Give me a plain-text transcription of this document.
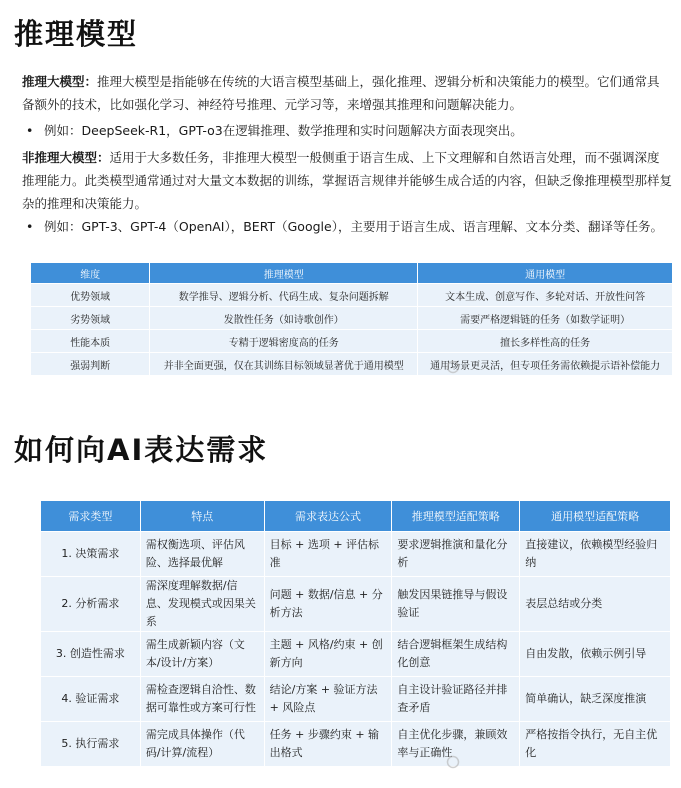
推理模型
推理大模型：推理大模型是指能够在传统的大语言模型基础上，强化推理、逻辑分析和决策能力的模型。它们通常具备额外的技术，比如强化学习、神经符号推理、元学习等，来增强其推理和问题解决能力。
• 例如：DeepSeek-R1，GPT-o3在逻辑推理、数学推理和实时问题解决方面表现突出。
非推理大模型：适用于大多数任务，非推理大模型一般侧重于语言生成、上下文理解和自然语言处理，而不强调深度推理能力。此类模型通常通过对大量文本数据的训练，掌握语言规律并能够生成合适的内容，但缺乏像推理模型那样复杂的推理和决策能力。
• 例如：GPT-3、GPT-4（OpenAI），BERT（Google），主要用于语言生成、语言理解、文本分类、翻译等任务。
维度	推理模型	通用模型
优势领域	数学推导、逻辑分析、代码生成、复杂问题拆解	文本生成、创意写作、多轮对话、开放性问答
劣势领域	发散性任务（如诗歌创作）	需要严格逻辑链的任务（如数学证明）
性能本质	专精于逻辑密度高的任务	擅长多样性高的任务
强弱判断	并非全面更强，仅在其训练目标领域显著优于通用模型	通用场景更灵活，但专项任务需依赖提示语补偿能力
如何向AI表达需求
需求类型	特点	需求表达公式	推理模型适配策略	通用模型适配策略
1. 决策需求	需权衡选项、评估风险、选择最优解	目标 + 选项 + 评估标准	要求逻辑推演和量化分析	直接建议，依赖模型经验归纳
2. 分析需求	需深度理解数据/信息、发现模式或因果关系	问题 + 数据/信息 + 分析方法	触发因果链推导与假设验证	表层总结或分类
3. 创造性需求	需生成新颖内容（文本/设计/方案）	主题 + 风格/约束 + 创新方向	结合逻辑框架生成结构化创意	自由发散，依赖示例引导
4. 验证需求	需检查逻辑自洽性、数据可靠性或方案可行性	结论/方案 + 验证方法 + 风险点	自主设计验证路径并排查矛盾	简单确认，缺乏深度推演
5. 执行需求	需完成具体操作（代码/计算/流程）	任务 + 步骤约束 + 输出格式	自主优化步骤，兼顾效率与正确性	严格按指令执行，无自主优化
